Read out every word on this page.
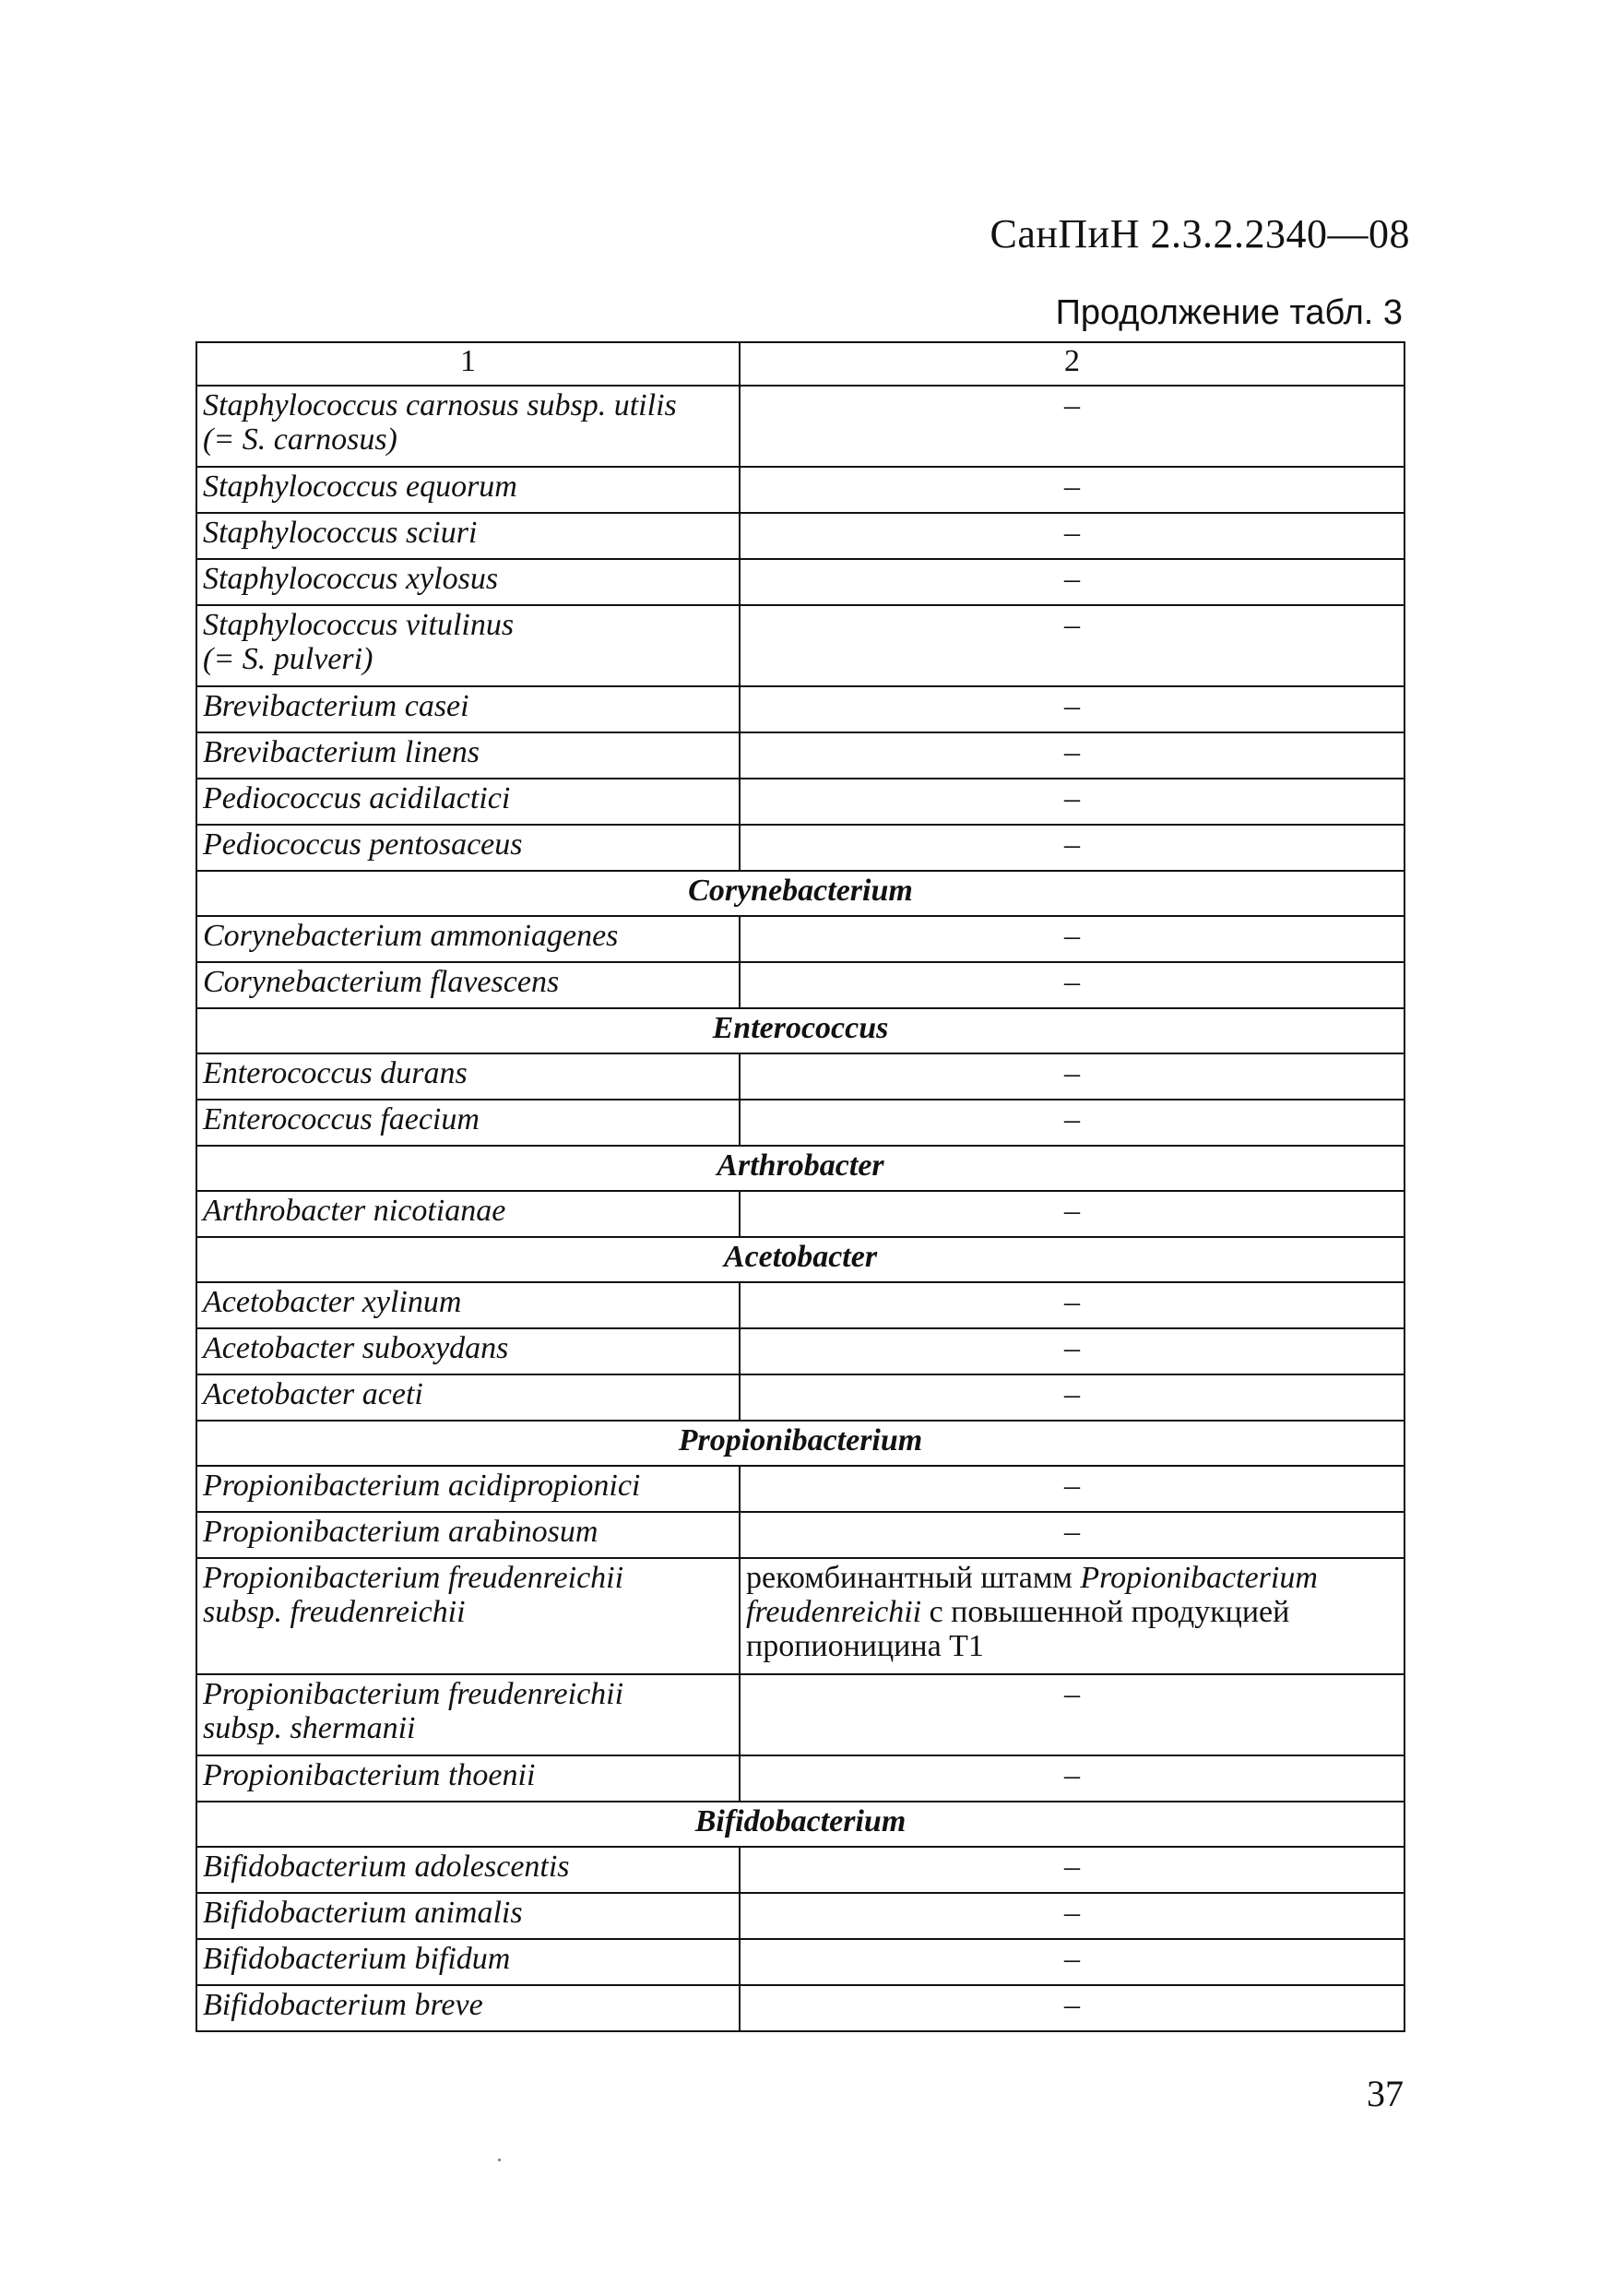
СанПиН 2.3.2.2340—08
Продолжение табл. 3
1	2
Staphylococcus carnosus subsp. utilis
(= S. carnosus)	–
Staphylococcus equorum	–
Staphylococcus sciuri	–
Staphylococcus xylosus	–
Staphylococcus vitulinus
(= S. pulveri)	–
Brevibacterium casei	–
Brevibacterium linens	–
Pediococcus acidilactici	–
Pediococcus pentosaceus	–
Corynebacterium	
Corynebacterium ammoniagenes	–
Corynebacterium flavescens	–
Enterococcus	
Enterococcus durans	–
Enterococcus faecium	–
Arthrobacter	
Arthrobacter nicotianae	–
Acetobacter	
Acetobacter xylinum	–
Acetobacter suboxydans	–
Acetobacter aceti	–
Propionibacterium	
Propionibacterium acidipropionici	–
Propionibacterium arabinosum	–
Propionibacterium freudenreichii
subsp. freudenreichii	рекомбинантный штамм Propionibacterium
freudenreichii с повышенной продукцией пропионицина Т1
Propionibacterium freudenreichii
subsp. shermanii	–
Propionibacterium thoenii	–
Bifidobacterium	
Bifidobacterium adolescentis	–
Bifidobacterium animalis	–
Bifidobacterium bifidum	–
Bifidobacterium breve	–
37
